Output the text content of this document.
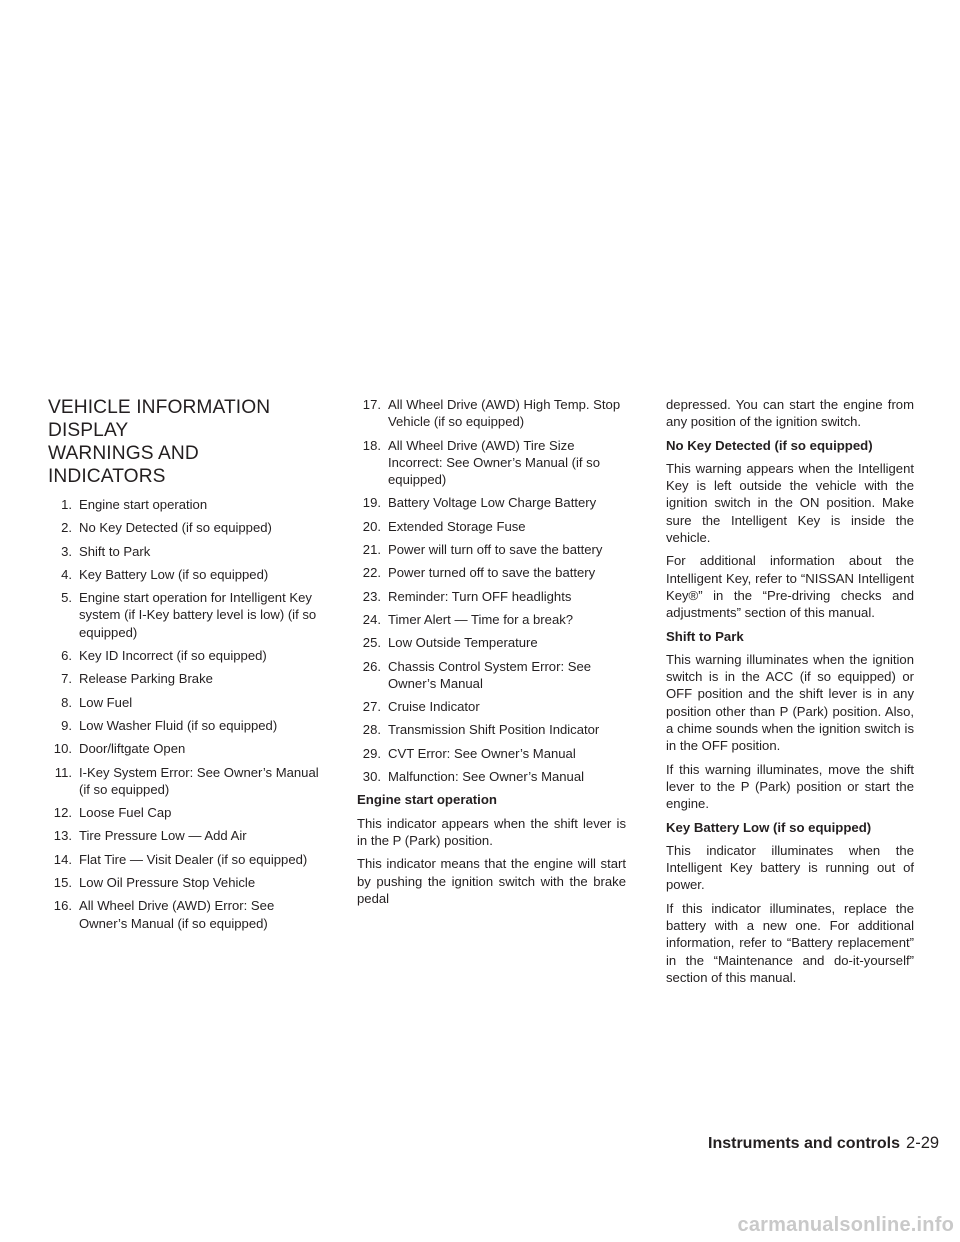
VEHICLE INFORMATION DISPLAY
WARNINGS AND INDICATORS
1. Engine start operation
2. No Key Detected (if so equipped)
3. Shift to Park
4. Key Battery Low (if so equipped)
5. Engine start operation for Intelligent Key system (if I-Key battery level is low) (if so equipped)
6. Key ID Incorrect (if so equipped)
7. Release Parking Brake
8. Low Fuel
9. Low Washer Fluid (if so equipped)
10. Door/liftgate Open
11. I-Key System Error: See Owner’s Manual (if so equipped)
12. Loose Fuel Cap
13. Tire Pressure Low — Add Air
14. Flat Tire — Visit Dealer (if so equipped)
15. Low Oil Pressure Stop Vehicle
16. All Wheel Drive (AWD) Error: See Owner’s Manual (if so equipped)
17. All Wheel Drive (AWD) High Temp. Stop Vehicle (if so equipped)
18. All Wheel Drive (AWD) Tire Size Incorrect: See Owner’s Manual (if so equipped)
19. Battery Voltage Low Charge Battery
20. Extended Storage Fuse
21. Power will turn off to save the battery
22. Power turned off to save the battery
23. Reminder: Turn OFF headlights
24. Timer Alert — Time for a break?
25. Low Outside Temperature
26. Chassis Control System Error: See Owner’s Manual
27. Cruise Indicator
28. Transmission Shift Position Indicator
29. CVT Error: See Owner’s Manual
30. Malfunction: See Owner’s Manual
Engine start operation

This indicator appears when the shift lever is in the P (Park) position.

This indicator means that the engine will start by pushing the ignition switch with the brake pedal

depressed. You can start the engine from any position of the ignition switch.

No Key Detected (if so equipped)

This warning appears when the Intelligent Key is left outside the vehicle with the ignition switch in the ON position. Make sure the Intelligent Key is inside the vehicle.

For additional information about the Intelligent Key, refer to “NISSAN Intelligent Key®” in the “Pre-driving checks and adjustments” section of this manual.

Shift to Park

This warning illuminates when the ignition switch is in the ACC (if so equipped) or OFF position and the shift lever is in any position other than P (Park) position. Also, a chime sounds when the ignition switch is in the OFF position.

If this warning illuminates, move the shift lever to the P (Park) position or start the engine.

Key Battery Low (if so equipped)

This indicator illuminates when the Intelligent Key battery is running out of power.

If this indicator illuminates, replace the battery with a new one. For additional information, refer to “Battery replacement” in the “Maintenance and do-it-yourself” section of this manual.

Instruments and controls 2-29
carmanualsonline.info
